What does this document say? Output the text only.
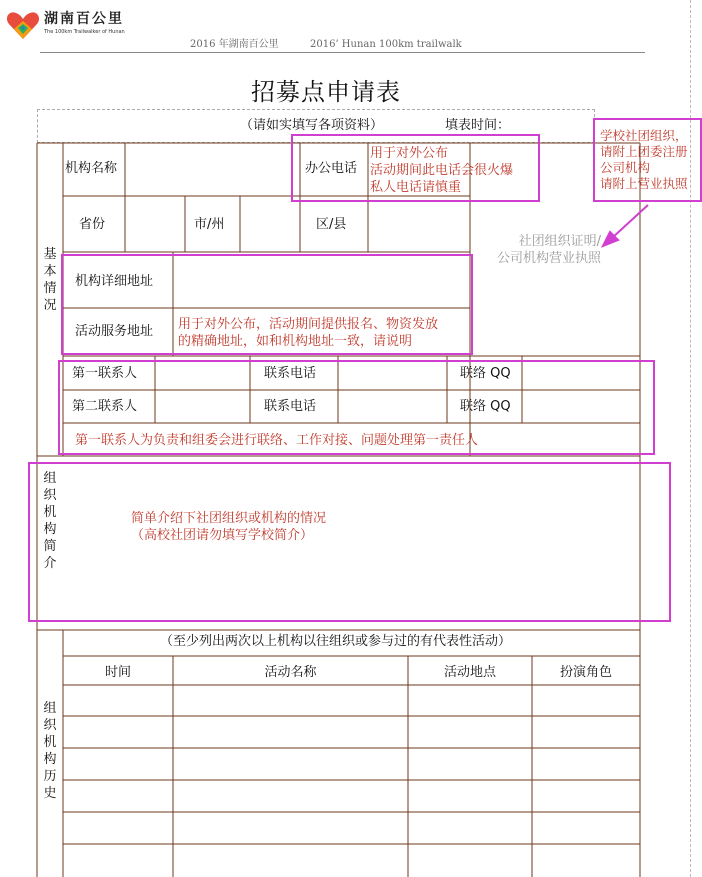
湖南百公里
The 100km Trailwalker of Hunan
2016 年湖南百公里	2016’ Hunan 100km trailwalk
招募点申请表
（请如实填写各项资料）	填表时间：
基本情况
组织机构简介
组织机构历史
机构名称	办公电话
省份	市/州	区/县
机构详细地址
活动服务地址
第一联系人	联系电话	联络 QQ
第二联系人	联系电话	联络 QQ
（至少列出两次以上机构以往组织或参与过的有代表性活动）
时间	活动名称	活动地点	扮演角色
用于对外公布
活动期间此电话会很火爆
私人电话请慎重
学校社团组织，
请附上团委注册
公司机构
请附上营业执照
社团组织证明/
公司机构营业执照
用于对外公布，活动期间提供报名、物资发放
的精确地址，如和机构地址一致，请说明
第一联系人为负责和组委会进行联络、工作对接、问题处理第一责任人
简单介绍下社团组织或机构的情况
（高校社团请勿填写学校简介）
